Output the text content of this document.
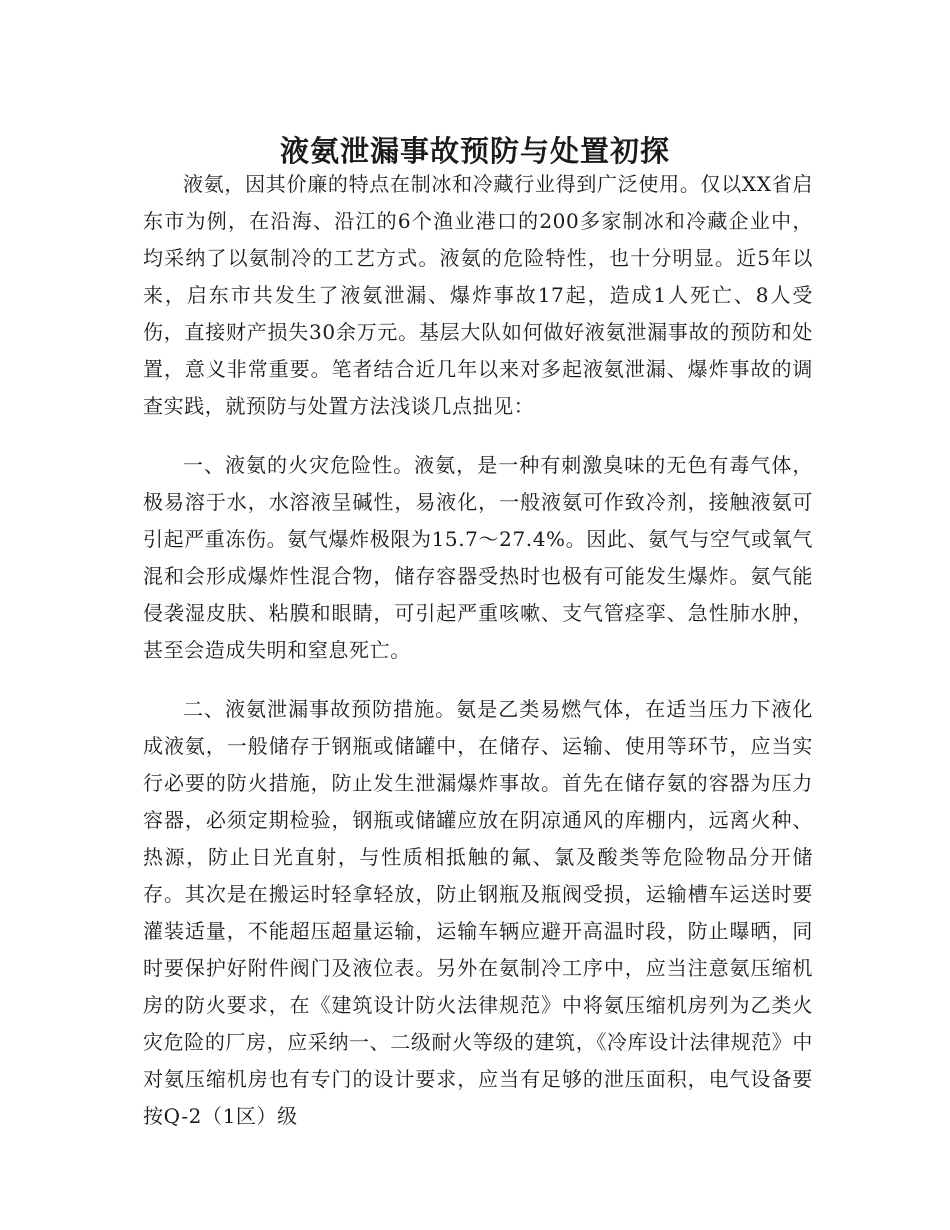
液氨泄漏事故预防与处置初探

液氨，因其价廉的特点在制冰和冷藏行业得到广泛使用。仅以XX省启东市为例，在沿海、沿江的6个渔业港口的200多家制冰和冷藏企业中，均采纳了以氨制冷的工艺方式。液氨的危险特性，也十分明显。近5年以来，启东市共发生了液氨泄漏、爆炸事故17起，造成1人死亡、8人受伤，直接财产损失30余万元。基层大队如何做好液氨泄漏事故的预防和处置，意义非常重要。笔者结合近几年以来对多起液氨泄漏、爆炸事故的调查实践，就预防与处置方法浅谈几点拙见：

一、液氨的火灾危险性。液氨，是一种有刺激臭味的无色有毒气体，极易溶于水，水溶液呈碱性，易液化，一般液氨可作致冷剂，接触液氨可引起严重冻伤。氨气爆炸极限为15.7～27.4%。因此、氨气与空气或氧气混和会形成爆炸性混合物，储存容器受热时也极有可能发生爆炸。氨气能侵袭湿皮肤、粘膜和眼睛，可引起严重咳嗽、支气管痉挛、急性肺水肿，甚至会造成失明和窒息死亡。

二、液氨泄漏事故预防措施。氨是乙类易燃气体，在适当压力下液化成液氨，一般储存于钢瓶或储罐中，在储存、运输、使用等环节，应当实行必要的防火措施，防止发生泄漏爆炸事故。首先在储存氨的容器为压力容器，必须定期检验，钢瓶或储罐应放在阴凉通风的库棚内，远离火种、热源，防止日光直射，与性质相抵触的氟、氯及酸类等危险物品分开储存。其次是在搬运时轻拿轻放，防止钢瓶及瓶阀受损，运输槽车运送时要灌装适量，不能超压超量运输，运输车辆应避开高温时段，防止曝晒，同时要保护好附件阀门及液位表。另外在氨制冷工序中，应当注意氨压缩机房的防火要求，在《建筑设计防火法律规范》中将氨压缩机房列为乙类火灾危险的厂房，应采纳一、二级耐火等级的建筑，《冷库设计法律规范》中对氨压缩机房也有专门的设计要求，应当有足够的泄压面积，电气设备要按Q-2（1区）级
